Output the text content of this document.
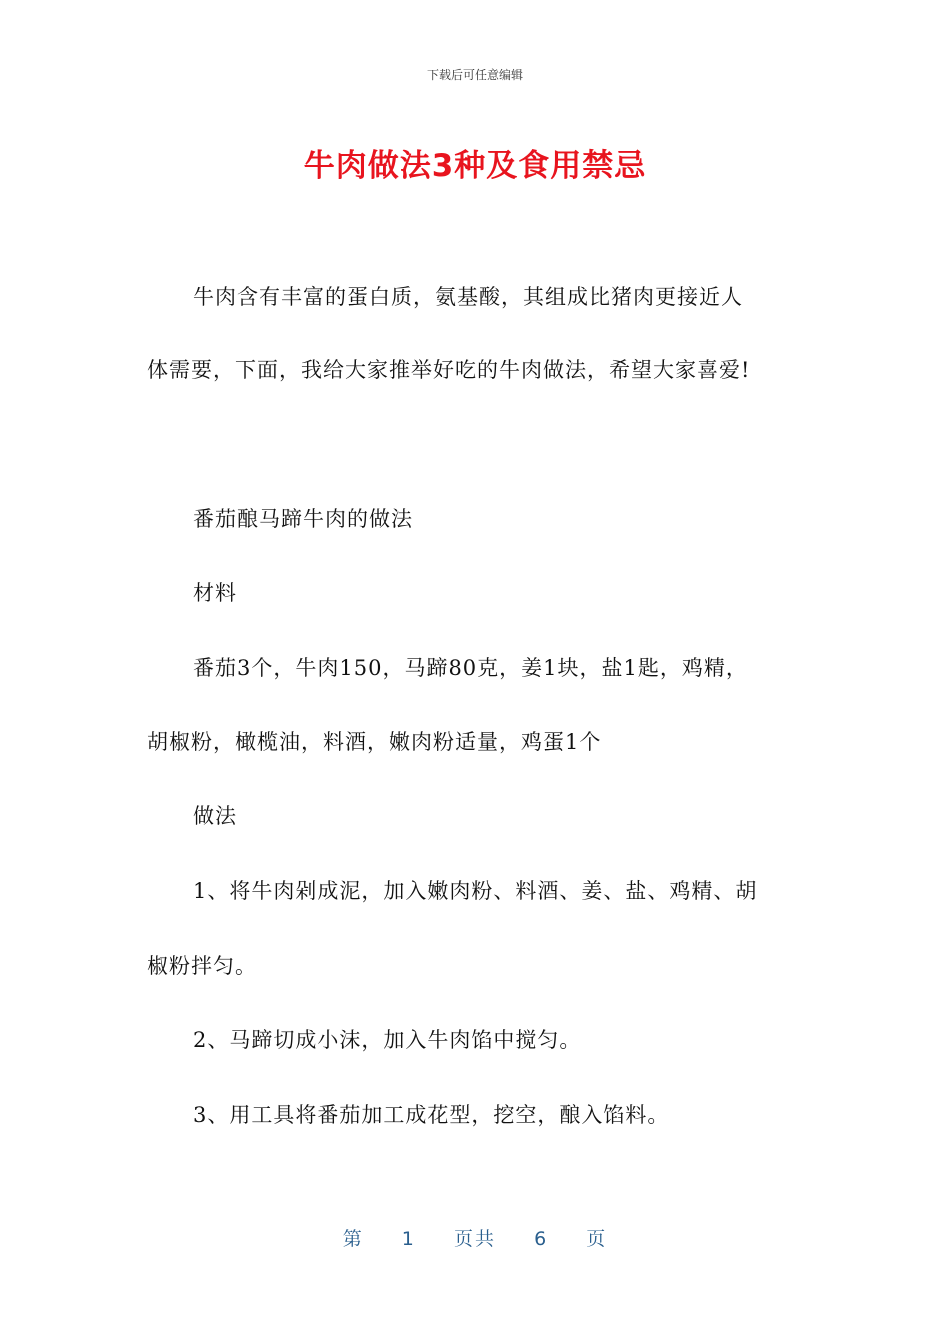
下载后可任意编辑
牛肉做法3种及食用禁忌
牛肉含有丰富的蛋白质，氨基酸，其组成比猪肉更接近人
体需要，下面，我给大家推举好吃的牛肉做法，希望大家喜爱!
番茄酿马蹄牛肉的做法
材料
番茄3个，牛肉150，马蹄80克，姜1块，盐1匙，鸡精，
胡椒粉，橄榄油，料酒，嫩肉粉适量，鸡蛋1个
做法
1、将牛肉剁成泥，加入嫩肉粉、料酒、姜、盐、鸡精、胡
椒粉拌匀。
2、马蹄切成小沫，加入牛肉馅中搅匀。
3、用工具将番茄加工成花型，挖空，酿入馅料。
第 1 页共 6 页
